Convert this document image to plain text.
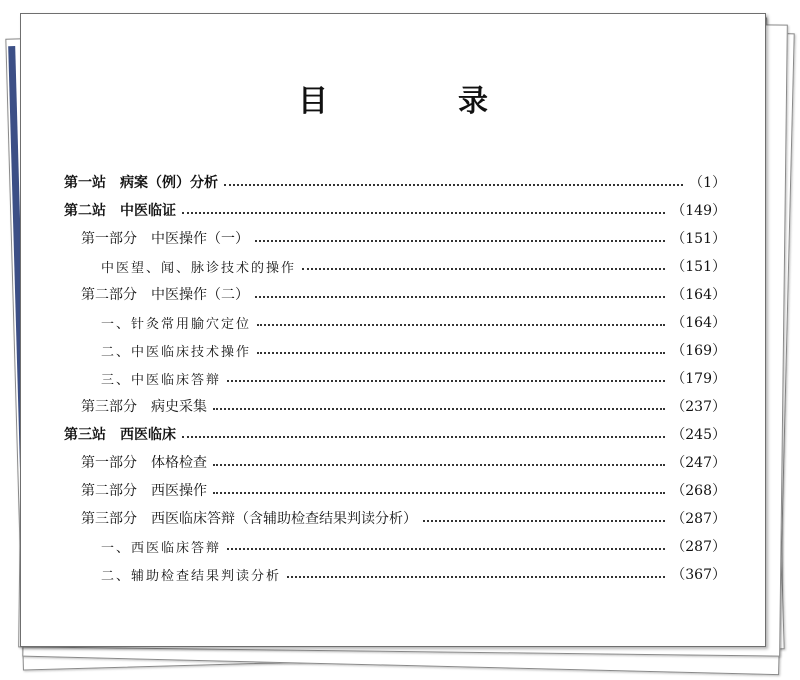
目　录
第一站　病案（例）分析	（1）
第二站　中医临证	（149）
第一部分　中医操作（一）	（151）
中医望、闻、脉诊技术的操作	（151）
第二部分　中医操作（二）	（164）
一、针灸常用腧穴定位	（164）
二、中医临床技术操作	（169）
三、中医临床答辩	（179）
第三部分　病史采集	（237）
第三站　西医临床	（245）
第一部分　体格检查	（247）
第二部分　西医操作	（268）
第三部分　西医临床答辩（含辅助检查结果判读分析）	（287）
一、西医临床答辩	（287）
二、辅助检查结果判读分析	（367）
